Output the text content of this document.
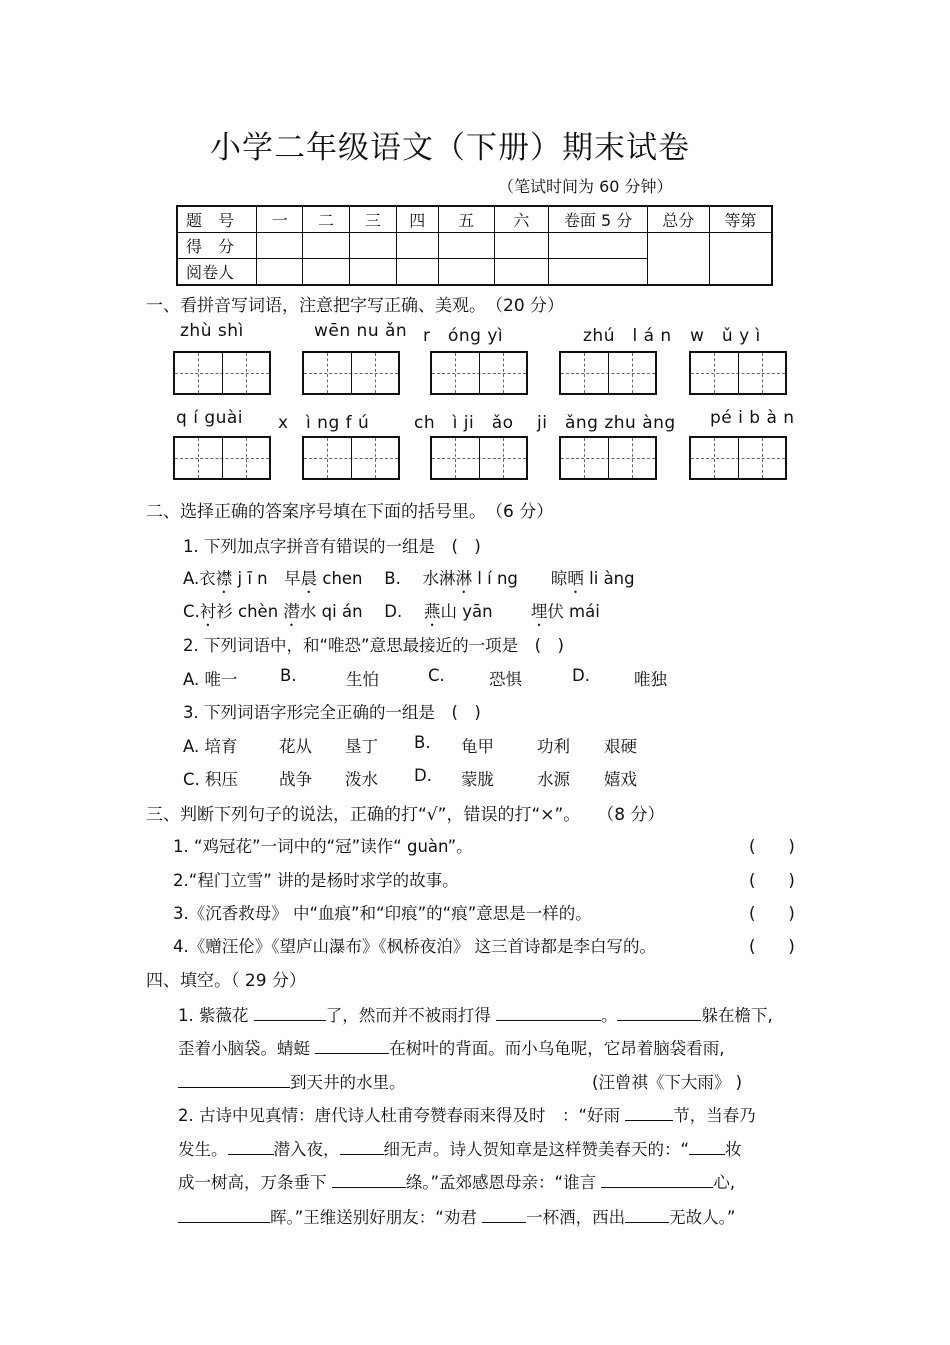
小学二年级语文（下册）期末试卷
（笔试时间为 60 分钟）
题　号	一	二	三	四	五	六	卷面 5 分	总分	等第
得　分									
阅卷人									
一、看拼音写词语，注意把字写正确、美观。　（20 分）
zhù shì	wēn nu ǎn r　óng yì	zhú　l á n w　ǔ y ì
q í guài x　ì ng f ú	ch　ì ji　ǎo ji　ǎng zhu àng pé i b à n
二、选择正确的答案序号填在下面的括号里。　（6 分）
1. 下列加点字拼音有错误的一组是　(　)
A.衣襟 j ī n　早晨 chen　 B.　 水淋淋 l í ng　　晾晒 li àng
C.衬衫 chèn 潜水 qi án　 D.　 燕山 yān　　 埋伏 mái
2. 下列词语中，和“唯恐”意思最接近的一项是　(　)
A. 唯一	B.	生怕	C.	恐惧	D.	唯独
3. 下列词语字形完全正确的一组是　(　)
A. 培育	花从 垦丁 B. 龟甲	功利 艰硬
C. 积压 战争 泼水 D. 蒙胧	水源 嬉戏
三、判断下列句子的说法，正确的打“√”，错误的打“×”。　　（8 分）
1. “鸡冠花”一词中的“冠”读作“ guàn”。	(　　)
2.“程门立雪” 讲的是杨时求学的故事。	(　　)
3.《沉香救母》 中“血痕”和“印痕”的“痕”意思是一样的。	(　　)
4.《赠汪伦》《望庐山瀑布》《枫桥夜泊》 这三首诗都是李白写的。	(　　)
四、填空。（ 29 分）
1. 紫薇花	了，然而并不被雨打得	。	躲在檐下,
歪着小脑袋。蜻蜓	在树叶的背面。而小乌龟呢，它昂着脑袋看雨,
到天井的水里。	(汪曾祺《下大雨》 )
2. 古诗中见真情：唐代诗人杜甫夸赞春雨来得及时　：“好雨	节，当春乃
发生。	潜入夜，	细无声。诗人贺知章是这样赞美春天的：“ 妆
成一树高，万条垂下	绦。”孟郊感恩母亲：“谁言	心,
晖。”王维送别好朋友：“劝君	一杯酒，西出	无故人。”
